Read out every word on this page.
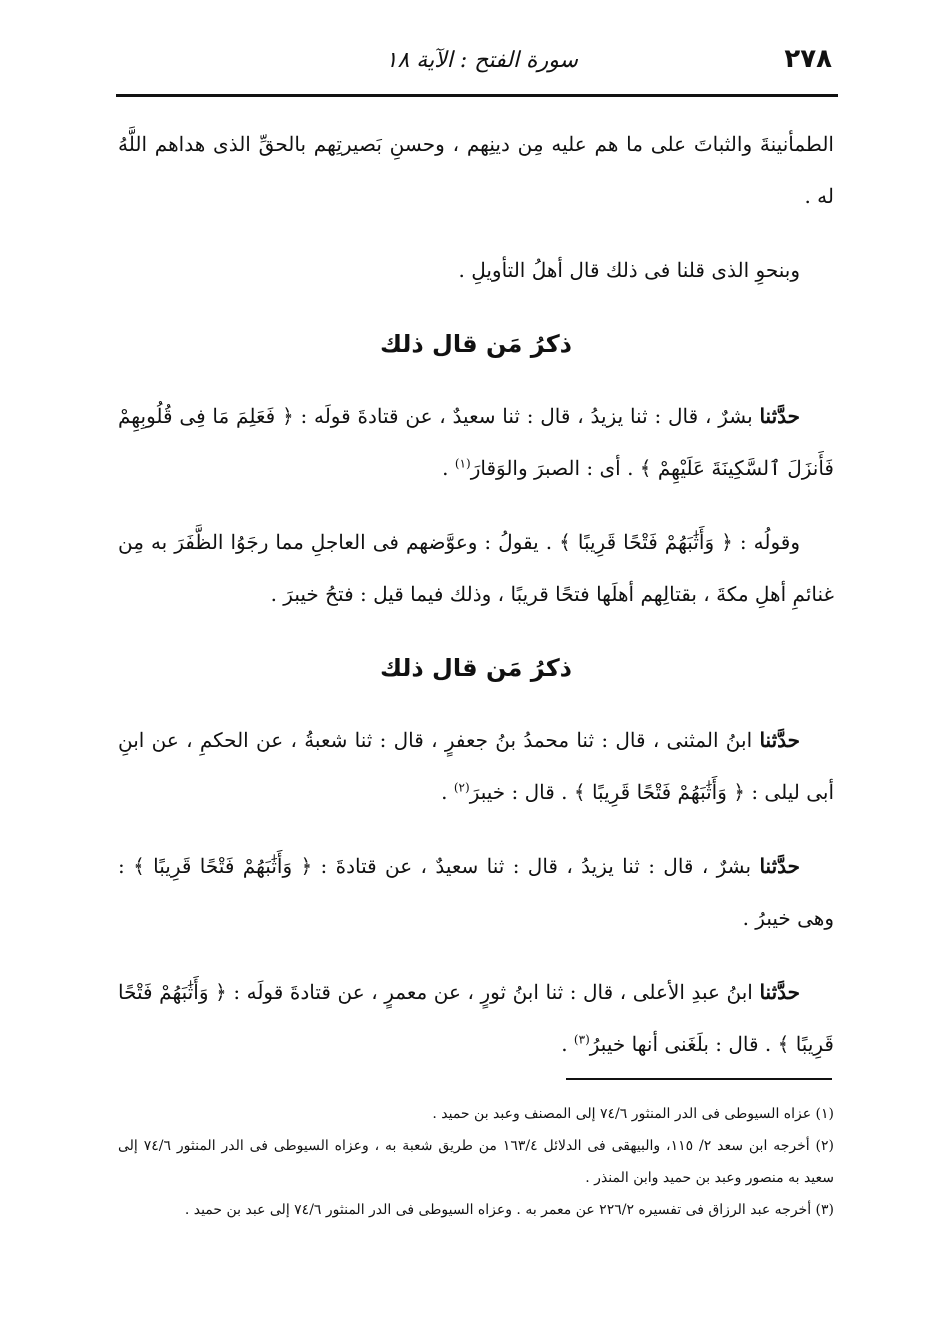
٢٧٨
سورة الفتح : الآية ١٨

الطمأنينةَ والثباتَ على ما هم عليه مِن دينِهم ، وحسنِ بَصيرتِهم بالحقِّ الذى هداهم اللَّهُ له .

وبنحوِ الذى قلنا فى ذلك قال أهلُ التأويلِ .

ذكرُ مَن قال ذلك

حدَّثنا بشرٌ ، قال : ثنا يزيدُ ، قال : ثنا سعيدٌ ، عن قتادةَ قولَه : ﴿ فَعَلِمَ مَا فِى قُلُوبِهِمْ فَأَنزَلَ ٱلسَّكِينَةَ عَلَيْهِمْ ﴾ . أى : الصبرَ والوَقارَ$^{(١)}$ .

وقولُه : ﴿ وَأَثَٰبَهُمْ فَتْحًا قَرِيبًا ﴾ . يقولُ : وعوَّضهم فى العاجلِ مما رجَوُا الظَّفَرَ به مِن غنائمِ أهلِ مكةَ ، بقتالِهم أهلَها فتحًا قريبًا ، وذلك فيما قيل : فتحُ خيبرَ .

ذكرُ مَن قال ذلك

حدَّثنا ابنُ المثنى ، قال : ثنا محمدُ بنُ جعفرٍ ، قال : ثنا شعبةُ ، عن الحكمِ ، عن ابنِ أبى ليلى : ﴿ وَأَثَٰبَهُمْ فَتْحًا قَرِيبًا ﴾ . قال : خيبرَ$^{(٢)}$ .

حدَّثنا بشرٌ ، قال : ثنا يزيدُ ، قال : ثنا سعيدٌ ، عن قتادةَ : ﴿ وَأَثَٰبَهُمْ فَتْحًا قَرِيبًا ﴾ : وهى خيبرُ .

حدَّثنا ابنُ عبدِ الأعلى ، قال : ثنا ابنُ ثورٍ ، عن معمرٍ ، عن قتادةَ قولَه : ﴿ وَأَثَٰبَهُمْ فَتْحًا قَرِيبًا ﴾ . قال : بلَغَنى أنها خيبرُ$^{(٣)}$ .

(١) عزاه السيوطى فى الدر المنثور ٧٤/٦ إلى المصنف وعبد بن حميد .

(٢) أخرجه ابن سعد ٢/ ١١٥، والبيهقى فى الدلائل ١٦٣/٤ من طريق شعبة به ، وعزاه السيوطى فى الدر المنثور ٧٤/٦ إلى سعيد به منصور وعبد بن حميد وابن المنذر .

(٣) أخرجه عبد الرزاق فى تفسيره ٢٢٦/٢ عن معمر به . وعزاه السيوطى فى الدر المنثور ٧٤/٦ إلى عبد بن حميد .
